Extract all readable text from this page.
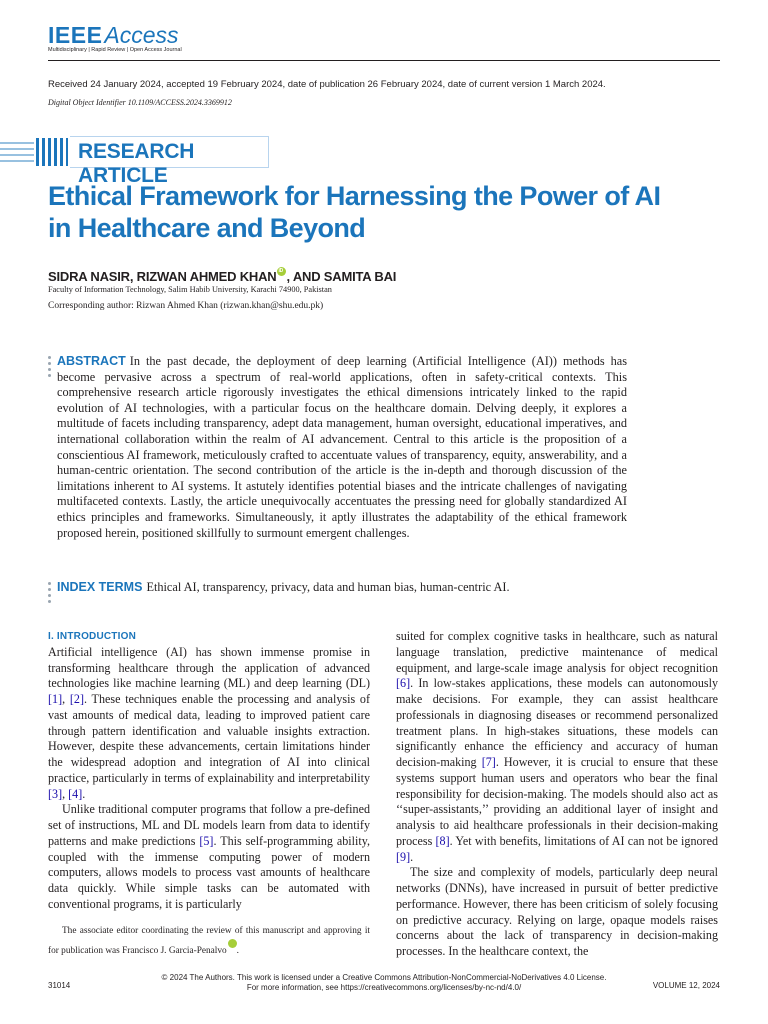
IEEEAccess
Multidisciplinary | Rapid Review | Open Access Journal
Received 24 January 2024, accepted 19 February 2024, date of publication 26 February 2024, date of current version 1 March 2024.
Digital Object Identifier 10.1109/ACCESS.2024.3369912
RESEARCH ARTICLE
Ethical Framework for Harnessing the Power of AI in Healthcare and Beyond
SIDRA NASIR, RIZWAN AHMED KHANiD , AND SAMITA BAI
Faculty of Information Technology, Salim Habib University, Karachi 74900, Pakistan
Corresponding author: Rizwan Ahmed Khan (rizwan.khan@shu.edu.pk)
ABSTRACT In the past decade, the deployment of deep learning (Artificial Intelligence (AI)) methods has become pervasive across a spectrum of real-world applications, often in safety-critical contexts. This comprehensive research article rigorously investigates the ethical dimensions intricately linked to the rapid evolution of AI technologies, with a particular focus on the healthcare domain. Delving deeply, it explores a multitude of facets including transparency, adept data management, human oversight, educational imperatives, and international collaboration within the realm of AI advancement. Central to this article is the proposition of a conscientious AI framework, meticulously crafted to accentuate values of transparency, equity, answerability, and a human-centric orientation. The second contribution of the article is the in-depth and thorough discussion of the limitations inherent to AI systems. It astutely identifies potential biases and the intricate challenges of navigating multifaceted contexts. Lastly, the article unequivocally accentuates the pressing need for globally standardized AI ethics principles and frameworks. Simultaneously, it aptly illustrates the adaptability of the ethical framework proposed herein, positioned skillfully to surmount emergent challenges.
INDEX TERMS Ethical AI, transparency, privacy, data and human bias, human-centric AI.
I. INTRODUCTION

Artificial intelligence (AI) has shown immense promise in transforming healthcare through the application of advanced technologies like machine learning (ML) and deep learning (DL) [1], [2]. These techniques enable the processing and analysis of vast amounts of medical data, leading to improved patient care through pattern identification and valuable insights extraction. However, despite these advancements, certain limitations hinder the widespread adoption and integration of AI into clinical practice, particularly in terms of explainability and interpretability [3], [4].

Unlike traditional computer programs that follow a pre-defined set of instructions, ML and DL models learn from data to identify patterns and make predictions [5]. This self-programming ability, coupled with the immense computing power of modern computers, allows models to process vast amounts of healthcare data quickly. While simple tasks can be automated with conventional programs, it is particularly

The associate editor coordinating the review of this manuscript and approving it for publication was Francisco J. Garcia-PenalvoiD .

suited for complex cognitive tasks in healthcare, such as natural language translation, predictive maintenance of medical equipment, and large-scale image analysis for object recognition [6]. In low-stakes applications, these models can autonomously make decisions. For example, they can assist healthcare professionals in diagnosing diseases or recommend personalized treatment plans. In high-stakes situations, these models can significantly enhance the efficiency and accuracy of human decision-making [7]. However, it is crucial to ensure that these systems support human users and operators who bear the final responsibility for decision-making. The models should also act as ‘‘super-assistants,’’ providing an additional layer of insight and analysis to aid healthcare professionals in their decision-making process [8]. Yet with benefits, limitations of AI can not be ignored [9].

The size and complexity of models, particularly deep neural networks (DNNs), have increased in pursuit of better predictive performance. However, there has been criticism of solely focusing on predictive accuracy. Relying on large, opaque models raises concerns about the lack of transparency in decision-making processes. In the healthcare context, the

31014
© 2024 The Authors. This work is licensed under a Creative Commons Attribution-NonCommercial-NoDerivatives 4.0 License.
For more information, see https://creativecommons.org/licenses/by-nc-nd/4.0/	VOLUME 12, 2024
